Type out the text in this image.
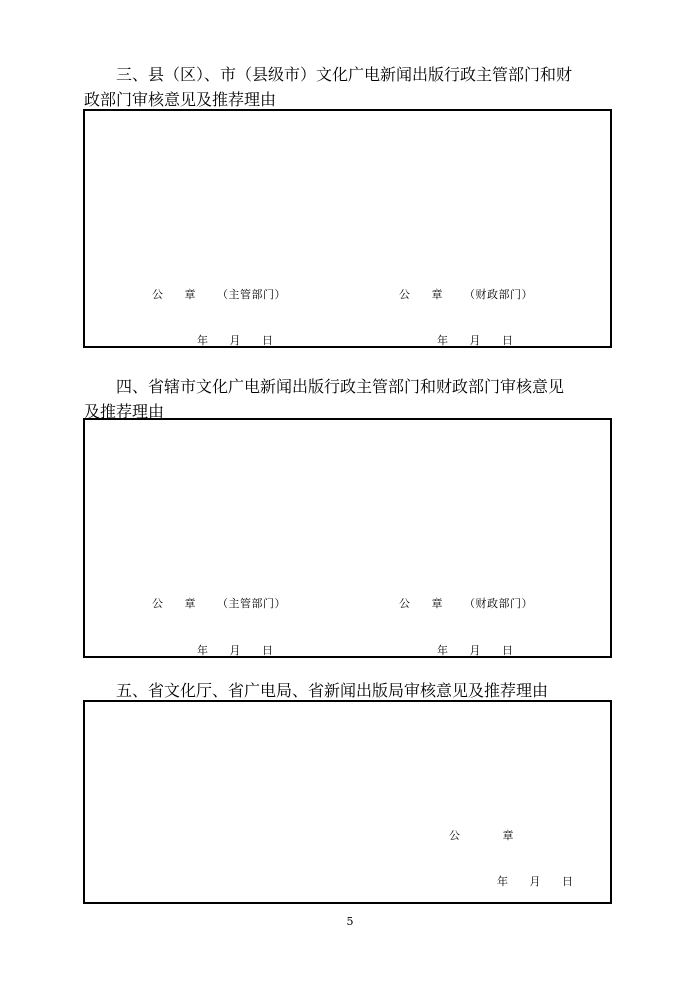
三、县（区）、市（县级市）文化广电新闻出版行政主管部门和财
政部门审核意见及推荐理由
公 章 （主管部门）	公 章 （财政部门）
年 月 日	年 月 日
四、省辖市文化广电新闻出版行政主管部门和财政部门审核意见
及推荐理由
公 章 （主管部门）	公 章 （财政部门）
年 月 日	年 月 日
五、省文化厅、省广电局、省新闻出版局审核意见及推荐理由
公 章
年 月 日
5
